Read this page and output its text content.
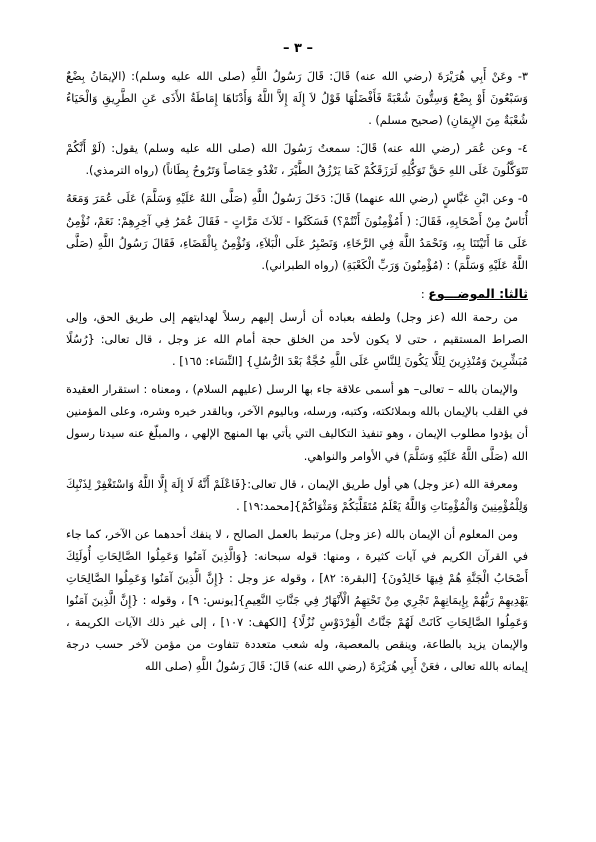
– ٣ –

٣- وعَنْ أَبِي هُرَيْرَةَ (رضي الله عنه) قَالَ: قَالَ رَسُولُ اللَّهِ (صلى الله عليه وسلم): (الإيمَانُ بِضْعٌ وَسَبْعُونَ أَوْ بِضْعٌ وَسِتُّونَ شُعْبَةً فَأَفْضَلُهَا قَوْلُ لاَ إِلَهَ إِلاَّ اللَّهُ وَأَدْنَاهَا إِمَاطَةُ الأَذَى عَنِ الطَّرِيقِ وَالْحَيَاءُ شُعْبَةٌ مِنَ الإِيمَانِ) (صحيح مسلم) .

٤- وعن عُمَر (رضي الله عنه) قَالَ: سمعتُ رَسُولَ الله (صلى الله عليه وسلم) يقول: (لَوْ أَنَّكُمْ تَتَوَكَّلُونَ عَلَى اللهِ حَقَّ تَوَكُّلِهِ لَرَزَقَكُمْ كَمَا يَرْزُقُ الطَّيْرَ ، تَغْدُو خِمَاصاً وَتَرُوحُ بِطَاناً) (رواه الترمذي).

٥- وعن ابْنِ عَبَّاسٍ (رضي الله عنهما) قَالَ: دَخَلَ رَسُولُ اللَّهِ (صَلَّى اللهُ عَلَيْهِ وَسَلَّمَ) عَلَى عُمَرَ وَمَعَهُ أُنَاسٌ مِنْ أَصْحَابِهِ، فَقَالَ: ( أَمُؤْمِنُونَ أَنْتُمْ؟) فَسَكَتُوا - ثَلاَثَ مَرَّاتٍ - فَقَالَ عُمَرُ فِي آخِرِهِمْ: نَعَمْ، نُؤْمِنُ عَلَى مَا أَتَيْتَنَا بِهِ، وَنَحْمَدُ اللَّهَ فِي الرَّخَاءِ، وَنَصْبِرُ عَلَى الْبَلاَءِ، وَنُؤْمِنُ بِالْقَضَاءِ، فَقَالَ رَسُولُ اللَّهِ (صَلَّى اللَّهُ عَلَيْهِ وَسَلَّمَ) : (مُؤْمِنُونَ وَرَبِّ الْكَعْبَةِ) (رواه الطبراني).

ثالثا: الموضـــوع :

من رحمة الله (عز وجل) ولطفه بعباده أن أرسل إليهم رسلاً لهدايتهم إلى طريق الحق، وإلى الصراط المستقيم ، حتى لا يكون لأحد من الخلق حجة أمام الله عز وجل ، قال تعالى: {رُسُلًا مُبَشِّرِينَ وَمُنْذِرِينَ لِئَلَّا يَكُونَ لِلنَّاسِ عَلَى اللَّهِ حُجَّةٌ بَعْدَ الرُّسُلِ} [النِّسَاء: ١٦٥] .

والإيمان بالله – تعالى– هو أسمى علاقة جاء بها الرسل (عليهم السلام) ، ومعناه : استقرار العقيدة في القلب بالإيمان بالله وبملائكته، وكتبه، ورسله، وباليوم الآخر، وبالقدر خيره وشره، وعلى المؤمنين أن يؤدوا مطلوب الإيمان ، وهو تنفيذ التكاليف التي يأتي بها المنهج الإلهي ، والمبلّغ عنه سيدنا رسول الله (صَلَّى اللَّهُ عَلَيْهِ وَسَلَّمَ) في الأوامر والنواهي.

ومعرفة الله (عز وجل) هي أول طريق الإيمان ، قال تعالى:{فَاعْلَمْ أَنَّهُ لَا إِلَهَ إِلَّا اللَّهُ وَاسْتَغْفِرْ لِذَنْبِكَ وَلِلْمُؤْمِنِينَ وَالْمُؤْمِنَاتِ وَاللَّهُ يَعْلَمُ مُتَقَلَّبَكُمْ وَمَثْوَاكُمْ}[محمد:١٩] .

ومن المعلوم أن الإيمان بالله (عز وجل) مرتبط بالعمل الصالح ، لا ينفك أحدهما عن الآخر، كما جاء في القرآن الكريم في آيات كثيرة ، ومنها: قوله سبحانه: {وَالَّذِينَ آمَنُوا وَعَمِلُوا الصَّالِحَاتِ أُولَئِكَ أَصْحَابُ الْجَنَّةِ هُمْ فِيهَا خَالِدُونَ} [البقرة: ٨٢] ، وقوله عز وجل : {إِنَّ الَّذِينَ آمَنُوا وَعَمِلُوا الصَّالِحَاتِ يَهْدِيهِمْ رَبُّهُمْ بِإِيمَانِهِمْ تَجْرِي مِنْ تَحْتِهِمُ الْأَنْهَارُ فِي جَنَّاتِ النَّعِيمِ}[يونس: ٩] ، وقوله : {إِنَّ الَّذِينَ آمَنُوا وَعَمِلُوا الصَّالِحَاتِ كَانَتْ لَهُمْ جَنَّاتُ الْفِرْدَوْسِ نُزُلًا} [الكهف: ١٠٧] ، إلى غير ذلك الآيات الكريمة ، والإيمان يزيد بالطاعة، وينقص بالمعصية، وله شعب متعددة تتفاوت من مؤمن لآخر حسب درجة إيمانه بالله تعالى ، فعَنْ أَبِي هُرَيْرَةَ (رضي الله عنه) قَالَ: قَالَ رَسُولُ اللَّهِ (صلى الله
